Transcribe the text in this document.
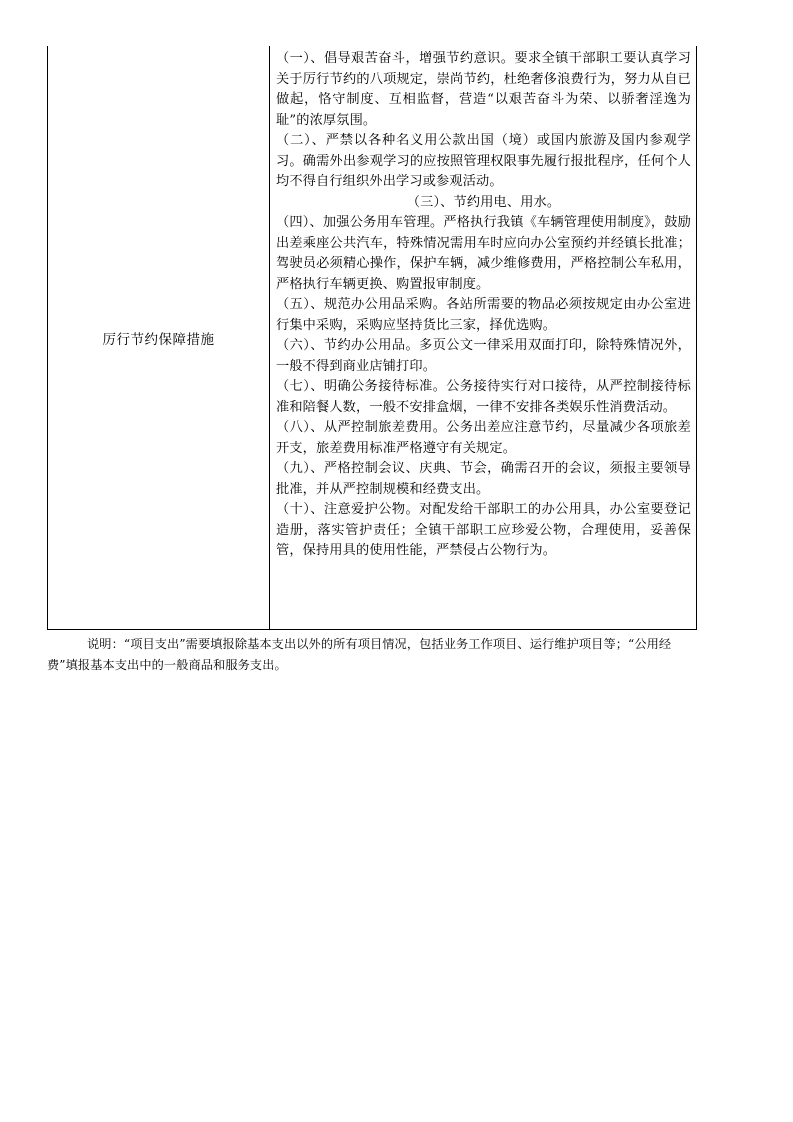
厉行节约保障措施

（一）、倡导艰苦奋斗，增强节约意识。要求全镇干部职工要认真学习关于厉行节约的八项规定，崇尚节约，杜绝奢侈浪费行为，努力从自已做起，恪守制度、互相监督，营造“以艰苦奋斗为荣、以骄奢淫逸为耻”的浓厚氛围。

（二）、严禁以各种名义用公款出国（境）或国内旅游及国内参观学习。确需外出参观学习的应按照管理权限事先履行报批程序，任何个人均不得自行组织外出学习或参观活动。

（三）、节约用电、用水。

（四）、加强公务用车管理。严格执行我镇《车辆管理使用制度》，鼓励出差乘座公共汽车，特殊情况需用车时应向办公室预约并经镇长批准；驾驶员必须精心操作，保护车辆，减少维修费用，严格控制公车私用，严格执行车辆更换、购置报审制度。

（五）、规范办公用品采购。各站所需要的物品必须按规定由办公室进行集中采购，采购应坚持货比三家，择优选购。

（六）、节约办公用品。多页公文一律采用双面打印，除特殊情况外，一般不得到商业店铺打印。

（七）、明确公务接待标准。公务接待实行对口接待，从严控制接待标准和陪餐人数，一般不安排盒烟，一律不安排各类娱乐性消费活动。

（八）、从严控制旅差费用。公务出差应注意节约，尽量减少各项旅差开支，旅差费用标准严格遵守有关规定。

（九）、严格控制会议、庆典、节会，确需召开的会议，须报主要领导批准，并从严控制规模和经费支出。

（十）、注意爱护公物。对配发给干部职工的办公用具，办公室要登记造册，落实管护责任；全镇干部职工应珍爱公物，合理使用，妥善保管，保持用具的使用性能，严禁侵占公物行为。

说明：“项目支出”需要填报除基本支出以外的所有项目情况，包括业务工作项目、运行维护项目等；“公用经费”填报基本支出中的一般商品和服务支出。
